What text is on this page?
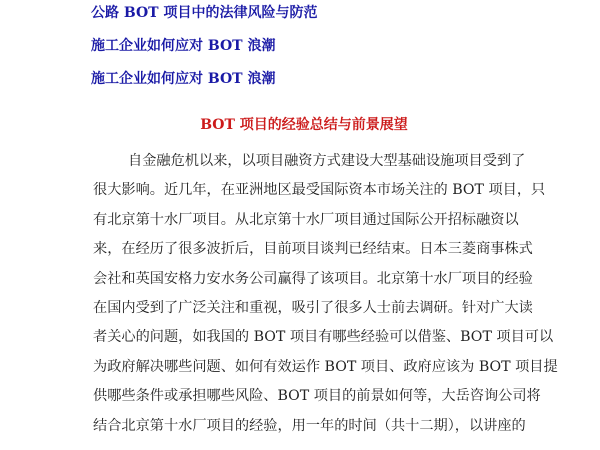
公路 BOT 项目中的法律风险与防范
施工企业如何应对 BOT 浪潮
施工企业如何应对 BOT 浪潮
BOT 项目的经验总结与前景展望
自金融危机以来，以项目融资方式建设大型基础设施项目受到了
很大影响。近几年，在亚洲地区最受国际资本市场关注的 BOT 项目，只
有北京第十水厂项目。从北京第十水厂项目通过国际公开招标融资以
来，在经历了很多波折后，目前项目谈判已经结束。日本三菱商事株式
会社和英国安格力安水务公司赢得了该项目。北京第十水厂项目的经验
在国内受到了广泛关注和重视，吸引了很多人士前去调研。针对广大读
者关心的问题，如我国的 BOT 项目有哪些经验可以借鉴、BOT 项目可以
为政府解决哪些问题、如何有效运作 BOT 项目、政府应该为 BOT 项目提
供哪些条件或承担哪些风险、BOT 项目的前景如何等，大岳咨询公司将
结合北京第十水厂项目的经验，用一年的时间（共十二期），以讲座的
